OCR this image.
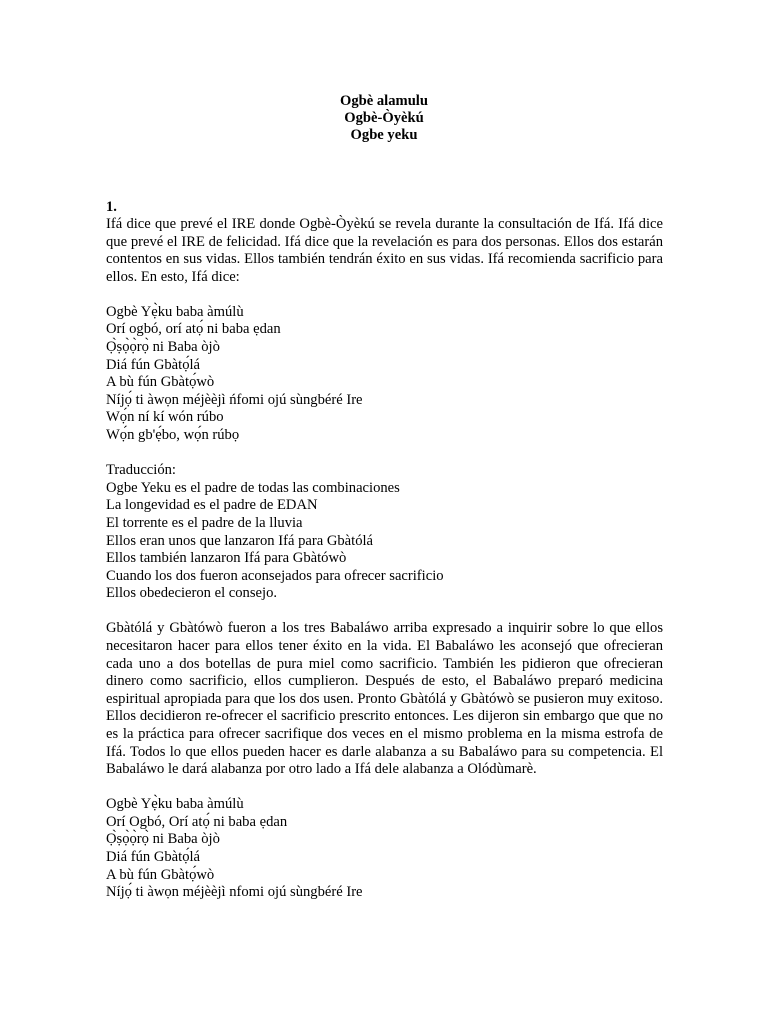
Ogbè alamulu
Ogbè-Òyèkú
Ogbe yeku
1.

Ifá dice que prevé el IRE donde Ogbè-Òyèkú se revela durante la consultación de Ifá. Ifá dice que prevé el IRE de felicidad. Ifá dice que la revelación es para dos personas. Ellos dos estarán contentos en sus vidas. Ellos también tendrán éxito en sus vidas. Ifá recomienda sacrificio para ellos. En esto, Ifá dice:

Ogbè Yẹ̀ku baba àmúlù
Orí ogbó, orí atọ́ ni baba ẹdan
Ọ̀ṣọ̀ọ̀rọ̀ ni Baba òjò
Diá fún Gbàtọ́lá
A bù fún Gbàtọ́wò
Níjọ́ ti àwọn méjèèjì ńfomi ojú sùngbéré Ire
Wọ́n ní kí wón rúbo
Wọ́n gb'ẹ́bo, wọ́n rúbọ
Traducción:
Ogbe Yeku es el padre de todas las combinaciones
La longevidad es el padre de EDAN
El torrente es el padre de la lluvia
Ellos eran unos que lanzaron Ifá para Gbàtólá
Ellos también lanzaron Ifá para Gbàtówò
Cuando los dos fueron aconsejados para ofrecer sacrificio
Ellos obedecieron el consejo.

Gbàtólá y Gbàtówò fueron a los tres Babaláwo arriba expresado a inquirir sobre lo que ellos necesitaron hacer para ellos tener éxito en la vida. El Babaláwo les aconsejó que ofrecieran cada uno a dos botellas de pura miel como sacrificio. También les pidieron que ofrecieran dinero como sacrificio, ellos cumplieron. Después de esto, el Babaláwo preparó medicina espiritual apropiada para que los dos usen. Pronto Gbàtólá y Gbàtówò se pusieron muy exitoso. Ellos decidieron re-ofrecer el sacrificio prescrito entonces. Les dijeron sin embargo que que no es la práctica para ofrecer sacrifique dos veces en el mismo problema en la misma estrofa de Ifá. Todos lo que ellos pueden hacer es darle alabanza a su Babaláwo para su competencia. El Babaláwo le dará alabanza por otro lado a Ifá dele alabanza a Olódùmarè.

Ogbè Yẹ̀ku baba àmúlù
Orí Ogbó, Orí atọ́ ni baba ẹdan
Ọ̀ṣọ̀ọ̀rọ̀ ni Baba òjò
Diá fún Gbàtọ́lá
A bù fún Gbàtọ́wò
Níjọ́ ti àwọn méjèèjì nfomi ojú sùngbéré Ire
